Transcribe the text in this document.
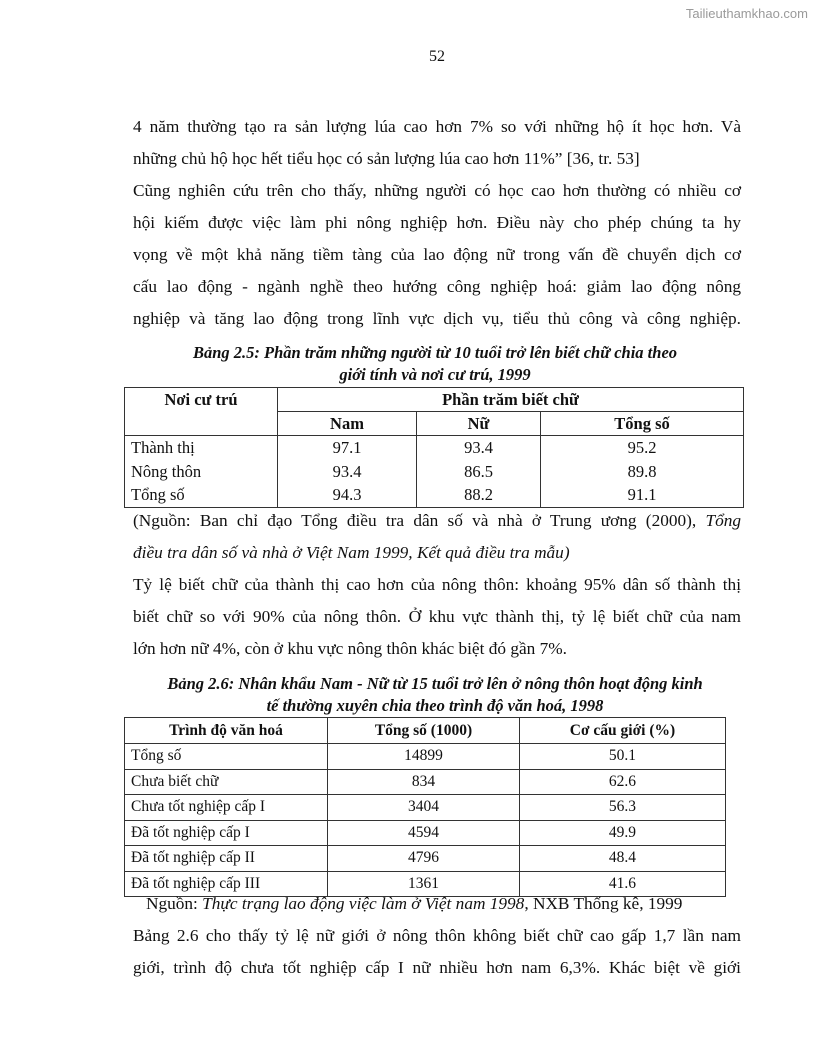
Tailieuthamkhao.com
52
4 năm thường tạo ra sản lượng lúa cao hơn 7% so với những hộ ít học hơn. Và
những chủ hộ học hết tiểu học có sản lượng lúa cao hơn 11%” [36, tr. 53]
Cũng nghiên cứu trên cho thấy, những người có học cao hơn thường có nhiều cơ
hội kiếm được việc làm phi nông nghiệp hơn. Điều này cho phép chúng ta hy
vọng về một khả năng tiềm tàng của lao động nữ trong vấn đề chuyển dịch cơ
cấu lao động - ngành nghề theo hướng công nghiệp hoá: giảm lao động nông
nghiệp và tăng lao động trong lĩnh vực dịch vụ, tiểu thủ công và công nghiệp.
Bảng 2.5: Phần trăm những người từ 10 tuổi trở lên biết chữ chia theo
giới tính và nơi cư trú, 1999
Nơi cư trú	Phần trăm biết chữ		
	Nam	Nữ	Tổng số
Thành thị	97.1	93.4	95.2
Nông thôn	93.4	86.5	89.8
Tổng số	94.3	88.2	91.1
(Nguồn: Ban chỉ đạo Tổng điều tra dân số và nhà ở Trung ương (2000), Tổng
điều tra dân số và nhà ở Việt Nam 1999, Kết quả điều tra mẫu)
Tỷ lệ biết chữ của thành thị cao hơn của nông thôn: khoảng 95% dân số thành thị
biết chữ so với 90% của nông thôn. Ở khu vực thành thị, tỷ lệ biết chữ của nam
lớn hơn nữ 4%, còn ở khu vực nông thôn khác biệt đó gần 7%.
Bảng 2.6: Nhân khẩu Nam - Nữ từ 15 tuổi trở lên ở nông thôn hoạt động kinh
tế thường xuyên chia theo trình độ văn hoá, 1998
Trình độ văn hoá	Tổng số (1000)	Cơ cấu giới (%)
Tổng số	14899	50.1
Chưa biết chữ	834	62.6
Chưa tốt nghiệp cấp I	3404	56.3
Đã tốt nghiệp cấp I	4594	49.9
Đã tốt nghiệp cấp II	4796	48.4
Đã tốt nghiệp cấp III	1361	41.6
Nguồn: Thực trạng lao động việc làm ở Việt nam 1998, NXB Thống kê, 1999
Bảng 2.6 cho thấy tỷ lệ nữ giới ở nông thôn không biết chữ cao gấp 1,7 lần nam
giới, trình độ chưa tốt nghiệp cấp I nữ nhiều hơn nam 6,3%. Khác biệt về giới
